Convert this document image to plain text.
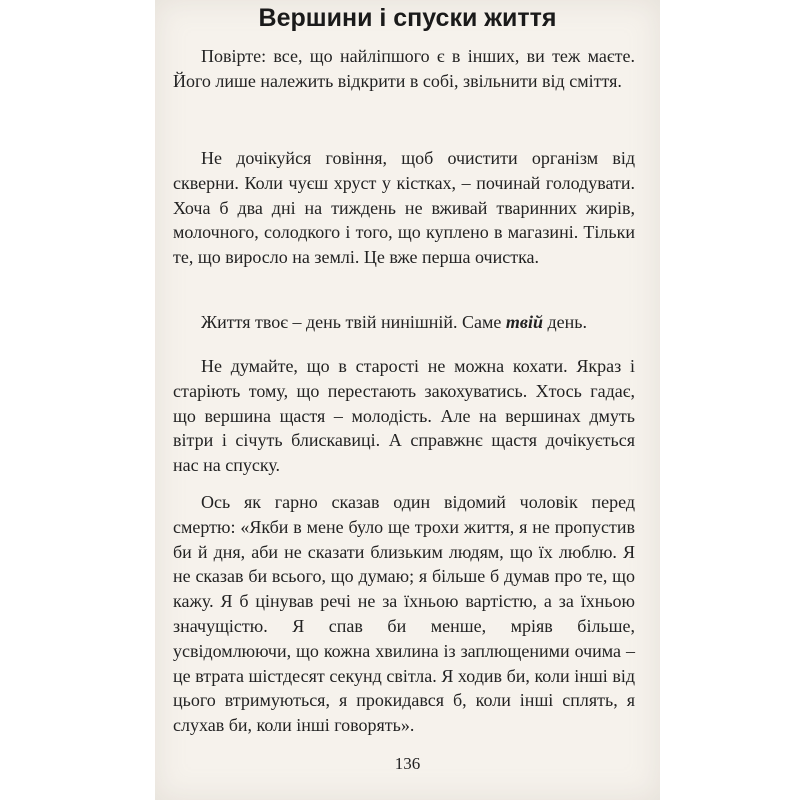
Вершини і спуски життя

Повірте: все, що найліпшого є в інших, ви теж маєте. Його лише належить відкрити в собі, звільнити від сміття.

Не дочікуйся говіння, щоб очистити організм від скверни. Коли чуєш хруст у кістках, – починай голодувати. Хоча б два дні на тиждень не вживай тваринних жирів, молочного, солодкого і того, що куплено в магазині. Тільки те, що виросло на землі. Це вже перша очистка.

Життя твоє – день твій нинішній. Саме твій день.

Не думайте, що в старості не можна кохати. Якраз і старіють тому, що перестають закохуватись. Хтось гадає, що вершина щастя – молодість. Але на вершинах дмуть вітри і січуть блискавиці. А справжнє щастя дочікується нас на спуску.

Ось як гарно сказав один відомий чоловік перед смертю: «Якби в мене було ще трохи життя, я не пропустив би й дня, аби не сказати близьким людям, що їх люблю. Я не сказав би всього, що думаю; я більше б думав про те, що кажу. Я б цінував речі не за їхньою вартістю, а за їхньою значущістю. Я спав би менше, мріяв більше, усвідомлюючи, що кожна хвилина із заплющеними очима – це втрата шістдесят секунд світла. Я ходив би, коли інші від цього втримуються, я прокидався б, коли інші сплять, я слухав би, коли інші говорять».

136
